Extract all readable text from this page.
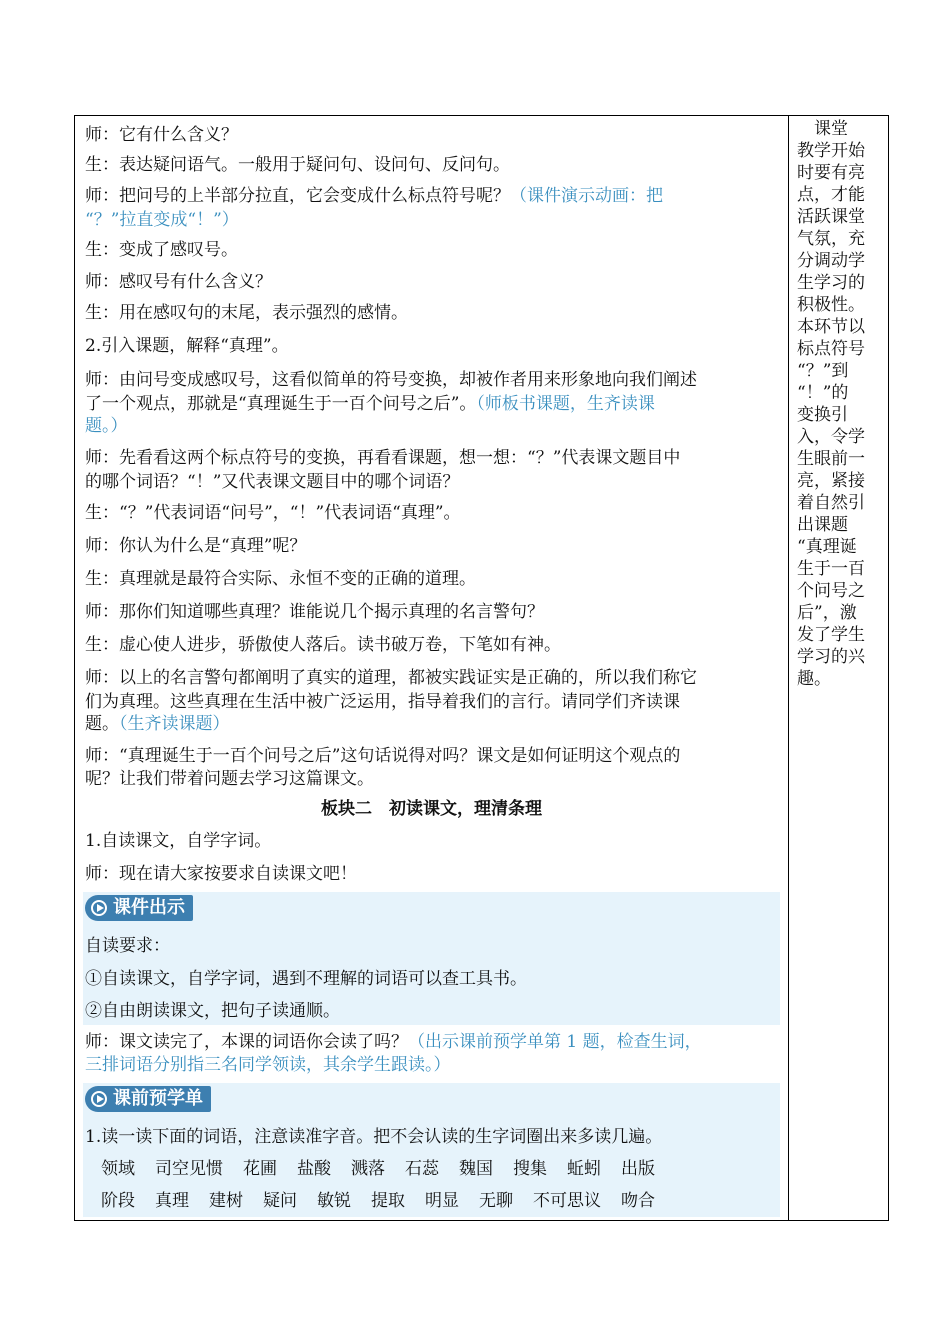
师：它有什么含义？
生：表达疑问语气。一般用于疑问句、设问句、反问句。
师：把问号的上半部分拉直，它会变成什么标点符号呢？（课件演示动画：把
“？”拉直变成“！”）
生：变成了感叹号。
师：感叹号有什么含义？
生：用在感叹句的末尾，表示强烈的感情。
2.引入课题，解释“真理”。
师：由问号变成感叹号，这看似简单的符号变换，却被作者用来形象地向我们阐述
了一个观点，那就是“真理诞生于一百个问号之后”。（师板书课题，生齐读课
题。）
师：先看看这两个标点符号的变换，再看看课题，想一想：“？”代表课文题目中
的哪个词语？“！”又代表课文题目中的哪个词语？
生：“？”代表词语“问号”，“！”代表词语“真理”。
师：你认为什么是“真理”呢？
生：真理就是最符合实际、永恒不变的正确的道理。
师：那你们知道哪些真理？谁能说几个揭示真理的名言警句？
生：虚心使人进步，骄傲使人落后。读书破万卷，下笔如有神。
师：以上的名言警句都阐明了真实的道理，都被实践证实是正确的，所以我们称它
们为真理。这些真理在生活中被广泛运用，指导着我们的言行。请同学们齐读课
题。（生齐读课题）
师：“真理诞生于一百个问号之后”这句话说得对吗？课文是如何证明这个观点的
呢？让我们带着问题去学习这篇课文。
板块二　初读课文，理清条理
1.自读课文，自学字词。
师：现在请大家按要求自读课文吧！
课件出示
自读要求：
①自读课文，自学字词，遇到不理解的词语可以查工具书。
②自由朗读课文，把句子读通顺。
师：课文读完了，本课的词语你会读了吗？（出示课前预学单第 1 题，检查生词，
三排词语分别指三名同学领读，其余学生跟读。）
课前预学单
1.读一读下面的词语，注意读准字音。把不会认读的生字词圈出来多读几遍。
领域 司空见惯 花圃 盐酸 溅落 石蕊 魏国 搜集 蚯蚓 出版
阶段 真理 建树 疑问 敏锐 提取 明显 无聊 不可思议 吻合
　课堂
教学开始
时要有亮
点，才能
活跃课堂
气氛，充
分调动学
生学习的
积极性。
本环节以
标点符号
“？”到
“！”的
变换引
入，令学
生眼前一
亮，紧接
着自然引
出课题
“真理诞
生于一百
个问号之
后”，激
发了学生
学习的兴
趣。
